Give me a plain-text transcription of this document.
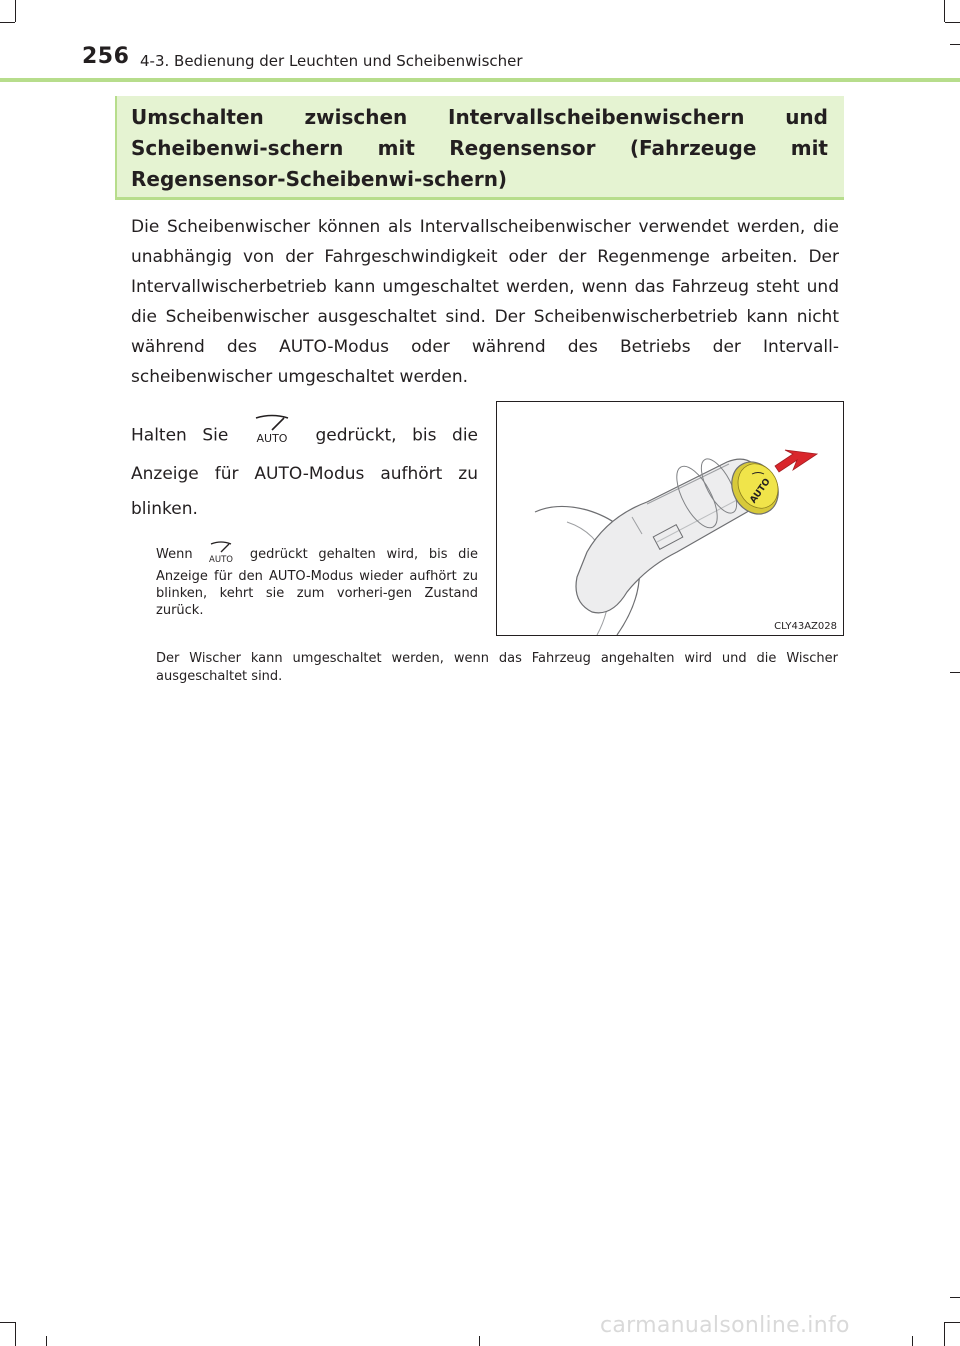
256 4-3. Bedienung der Leuchten und Scheibenwischer

Umschalten zwischen Intervallscheibenwischern und Scheibenwi-schern mit Regensensor (Fahrzeuge mit Regensensor-Scheibenwi-schern)

Die Scheibenwischer können als Intervallscheibenwischer verwendet werden, die unabhängig von der Fahrgeschwindigkeit oder der Regenmenge arbeiten. Der Intervallwischerbetrieb kann umgeschaltet werden, wenn das Fahrzeug steht und die Scheibenwischer ausgeschaltet sind. Der Scheibenwischerbetrieb kann nicht während des AUTO-Modus oder während des Betriebs der Intervall-scheibenwischer umgeschaltet werden.

Halten Sie	AUTO gedrückt, bis die Anzeige für AUTO-Modus aufhört zu blinken.

Wenn AUTO gedrückt gehalten wird, bis die Anzeige für den AUTO-Modus wieder aufhört zu blinken, kehrt sie zum vorheri-gen Zustand zurück.

Der Wischer kann umgeschaltet werden, wenn das Fahrzeug angehalten wird und die Wischer ausgeschaltet sind.

AUTO
CLY43AZ028
carmanualsonline.info
